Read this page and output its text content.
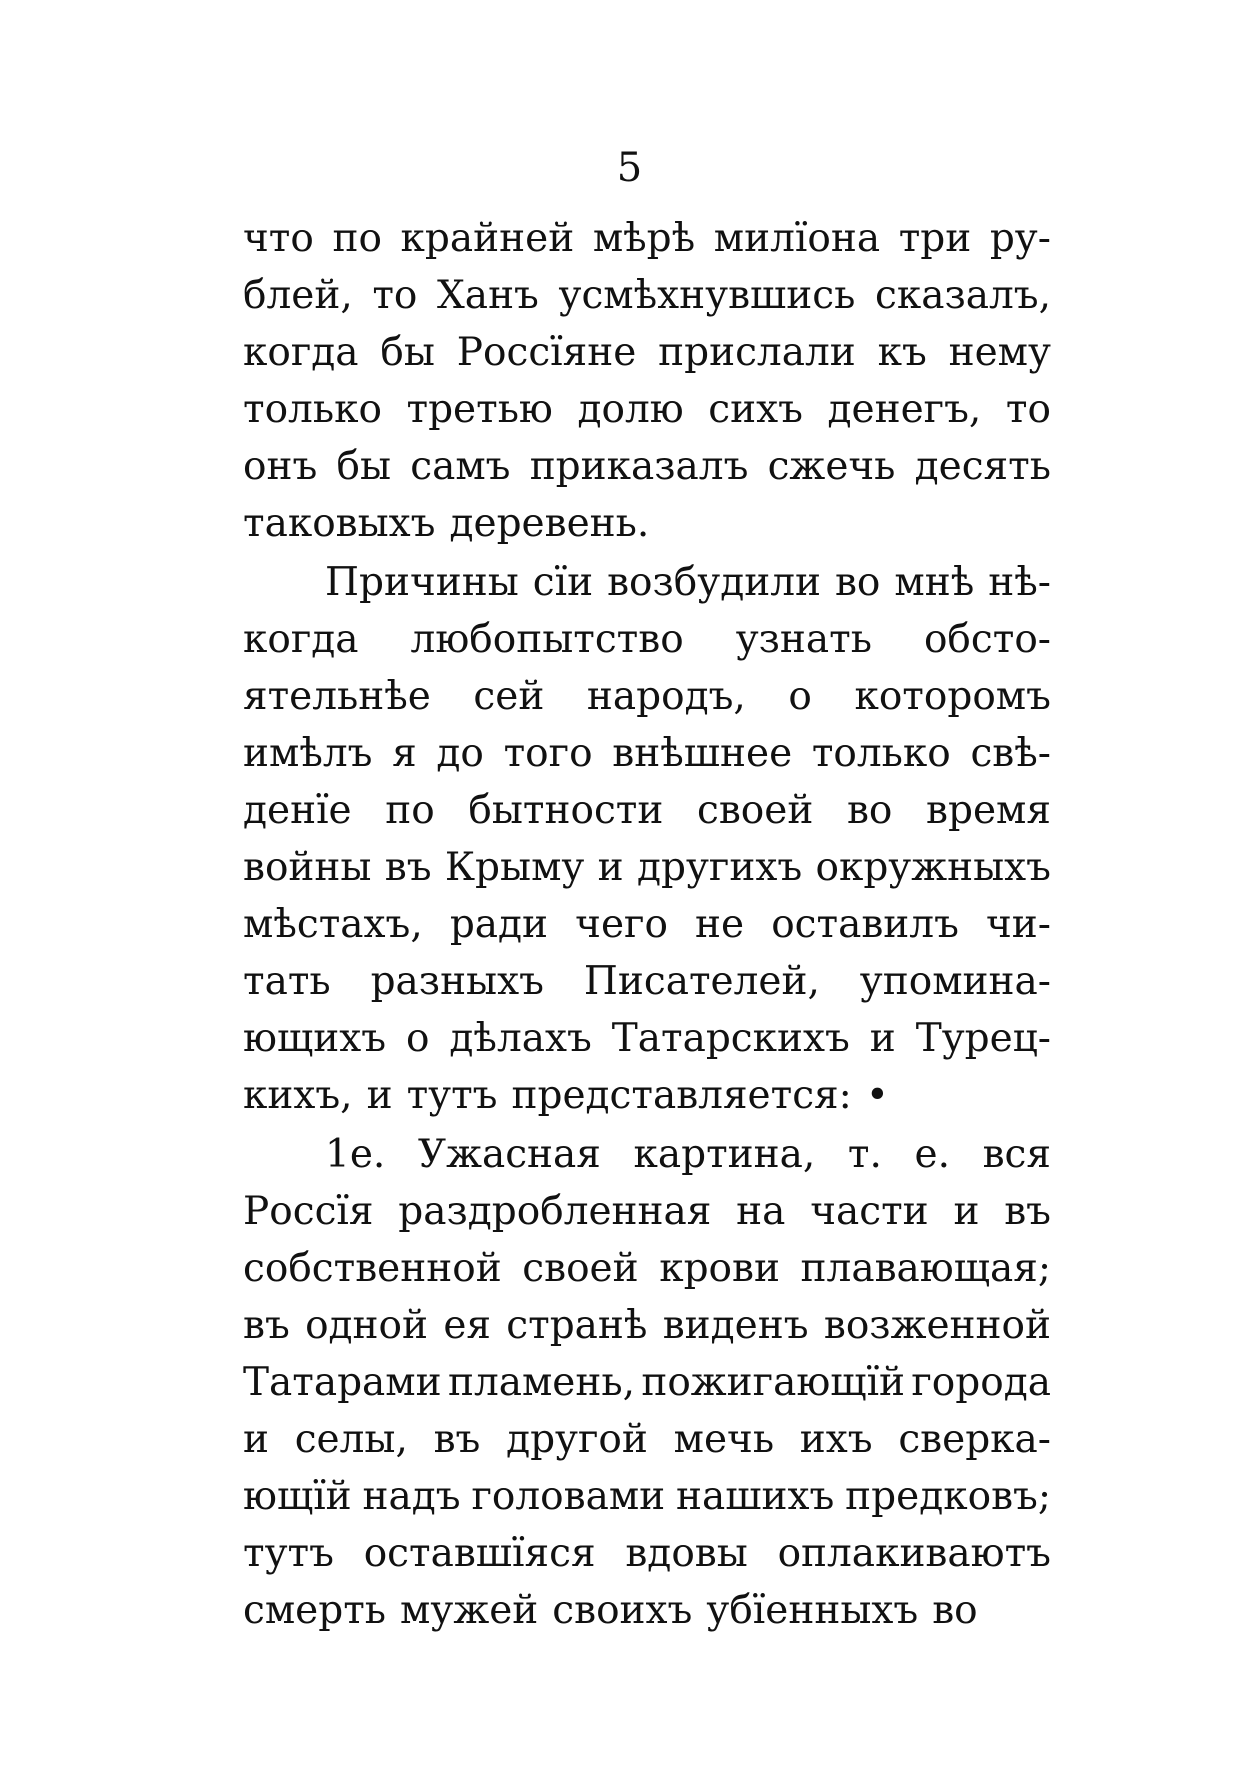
5
что по крайней мѣрѣ милїона три ру-
блей, то Ханъ усмѣхнувшись сказалъ,
когда бы Россїяне прислали къ нему
только третью долю сихъ денегъ, то
онъ бы самъ приказалъ сжечь десять
таковыхъ деревень.
Причины сїи возбудили во мнѣ нѣ-
когда любопытство узнать обсто-
ятельнѣе сей народъ, о которомъ
имѣлъ я до того внѣшнее только свѣ-
денїе по бытности своей во время
войны въ Крыму и другихъ окружныхъ
мѣстахъ, ради чего не оставилъ чи-
тать разныхъ Писателей, упомина-
ющихъ о дѣлахъ Татарскихъ и Турец-
кихъ, и тутъ представляется: •
1е. Ужасная картина, т. е. вся
Россїя раздробленная на части и въ
собственной своей крови плавающая;
въ одной ея странѣ виденъ возженной
Татарами пламень, пожигающїй города
и селы, въ другой мечь ихъ сверка-
ющїй надъ головами нашихъ предковъ;
тутъ оставшїяся вдовы оплакиваютъ
смерть мужей своихъ убїенныхъ во
